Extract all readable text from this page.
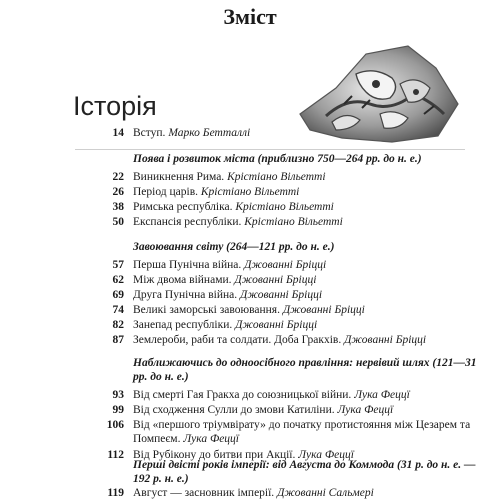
Зміст
Історія
14 Вступ. Марко Бетталлі
Поява і розвиток міста (приблизно 750—264 рр. до н. е.)
22 Виникнення Рима. Крістіано Вільетті
26 Період царів. Крістіано Вільетті
38 Римська республіка. Крістіано Вільетті
50 Експансія республіки. Крістіано Вільетті
Завоювання світу (264—121 рр. до н. е.)
57 Перша Пунічна війна. Джованні Бріцці
62 Між двома війнами. Джованні Бріцці
69 Друга Пунічна війна. Джованні Бріцці
74 Великі заморські завоювання. Джованні Бріцці
82 Занепад республіки. Джованні Бріцці
87 Землероби, раби та солдати. Доба Гракхів. Джованні Бріцці
Наближаючись до одноосібного правління: нервівий шлях (121—31 рр. до н. е.)
93 Від смерті Гая Гракха до союзницької війни. Лука Феццї
99 Від сходження Сулли до змови Катиліни. Лука Феццї
106 Від «першого тріумвірату» до початку протистояння між Цезарем та Помпеєм. Лука Феццї
112 Від Рубікону до битви при Акції. Лука Феццї
Перші двісті років імперії: від Августа до Коммода (31 р. до н. е. — 192 р. н. е.)
119 Август — засновник імперії. Джованні Сальмері
